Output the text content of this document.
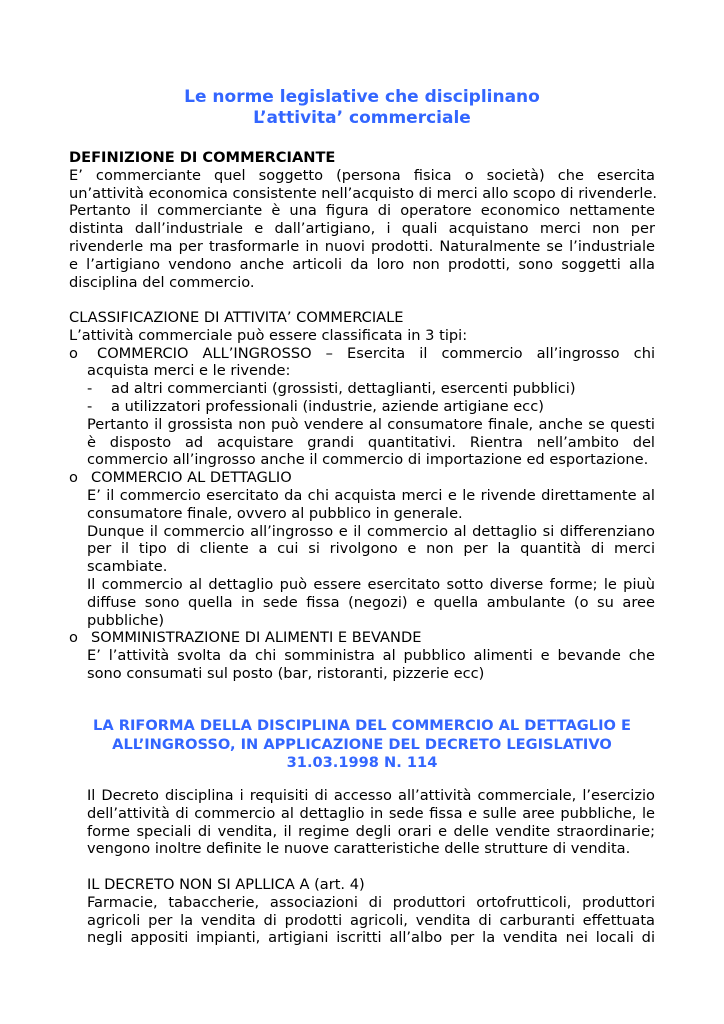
Le norme legislative che disciplinano
L’attivita’ commerciale
DEFINIZIONE DI COMMERCIANTE
E’ commerciante quel soggetto (persona fisica o società) che esercita
un’attività economica consistente nell’acquisto di merci allo scopo di rivenderle.
Pertanto il commerciante è una figura di operatore economico nettamente
distinta dall’industriale e dall’artigiano, i quali acquistano merci non per
rivenderle ma per trasformarle in nuovi prodotti. Naturalmente se l’industriale
e l’artigiano vendono anche articoli da loro non prodotti, sono soggetti alla
disciplina del commercio.
CLASSIFICAZIONE DI ATTIVITA’ COMMERCIALE
L’attività commerciale può essere classificata in 3 tipi:
o COMMERCIO ALL’INGROSSO – Esercita il commercio all’ingrosso chi
acquista merci e le rivende:
- ad altri commercianti (grossisti, dettaglianti, esercenti pubblici)
- a utilizzatori professionali (industrie, aziende artigiane ecc)
Pertanto il grossista non può vendere al consumatore finale, anche se questi
è disposto ad acquistare grandi quantitativi. Rientra nell’ambito del
commercio all’ingrosso anche il commercio di importazione ed esportazione.
o COMMERCIO AL DETTAGLIO
E’ il commercio esercitato da chi acquista merci e le rivende direttamente al
consumatore finale, ovvero al pubblico in generale.
Dunque il commercio all’ingrosso e il commercio al dettaglio si differenziano
per il tipo di cliente a cui si rivolgono e non per la quantità di merci
scambiate.
Il commercio al dettaglio può essere esercitato sotto diverse forme; le piuù
diffuse sono quella in sede fissa (negozi) e quella ambulante (o su aree
pubbliche)
o SOMMINISTRAZIONE DI ALIMENTI E BEVANDE
E’ l’attività svolta da chi somministra al pubblico alimenti e bevande che
sono consumati sul posto (bar, ristoranti, pizzerie ecc)
LA RIFORMA DELLA DISCIPLINA DEL COMMERCIO AL DETTAGLIO E
ALL’INGROSSO, IN APPLICAZIONE DEL DECRETO LEGISLATIVO
31.03.1998 N. 114
Il Decreto disciplina i requisiti di accesso all’attività commerciale, l’esercizio
dell’attività di commercio al dettaglio in sede fissa e sulle aree pubbliche, le
forme speciali di vendita, il regime degli orari e delle vendite straordinarie;
vengono inoltre definite le nuove caratteristiche delle strutture di vendita.
IL DECRETO NON SI APLLICA A (art. 4)
Farmacie, tabaccherie, associazioni di produttori ortofrutticoli, produttori
agricoli per la vendita di prodotti agricoli, vendita di carburanti effettuata
negli appositi impianti, artigiani iscritti all’albo per la vendita nei locali di
